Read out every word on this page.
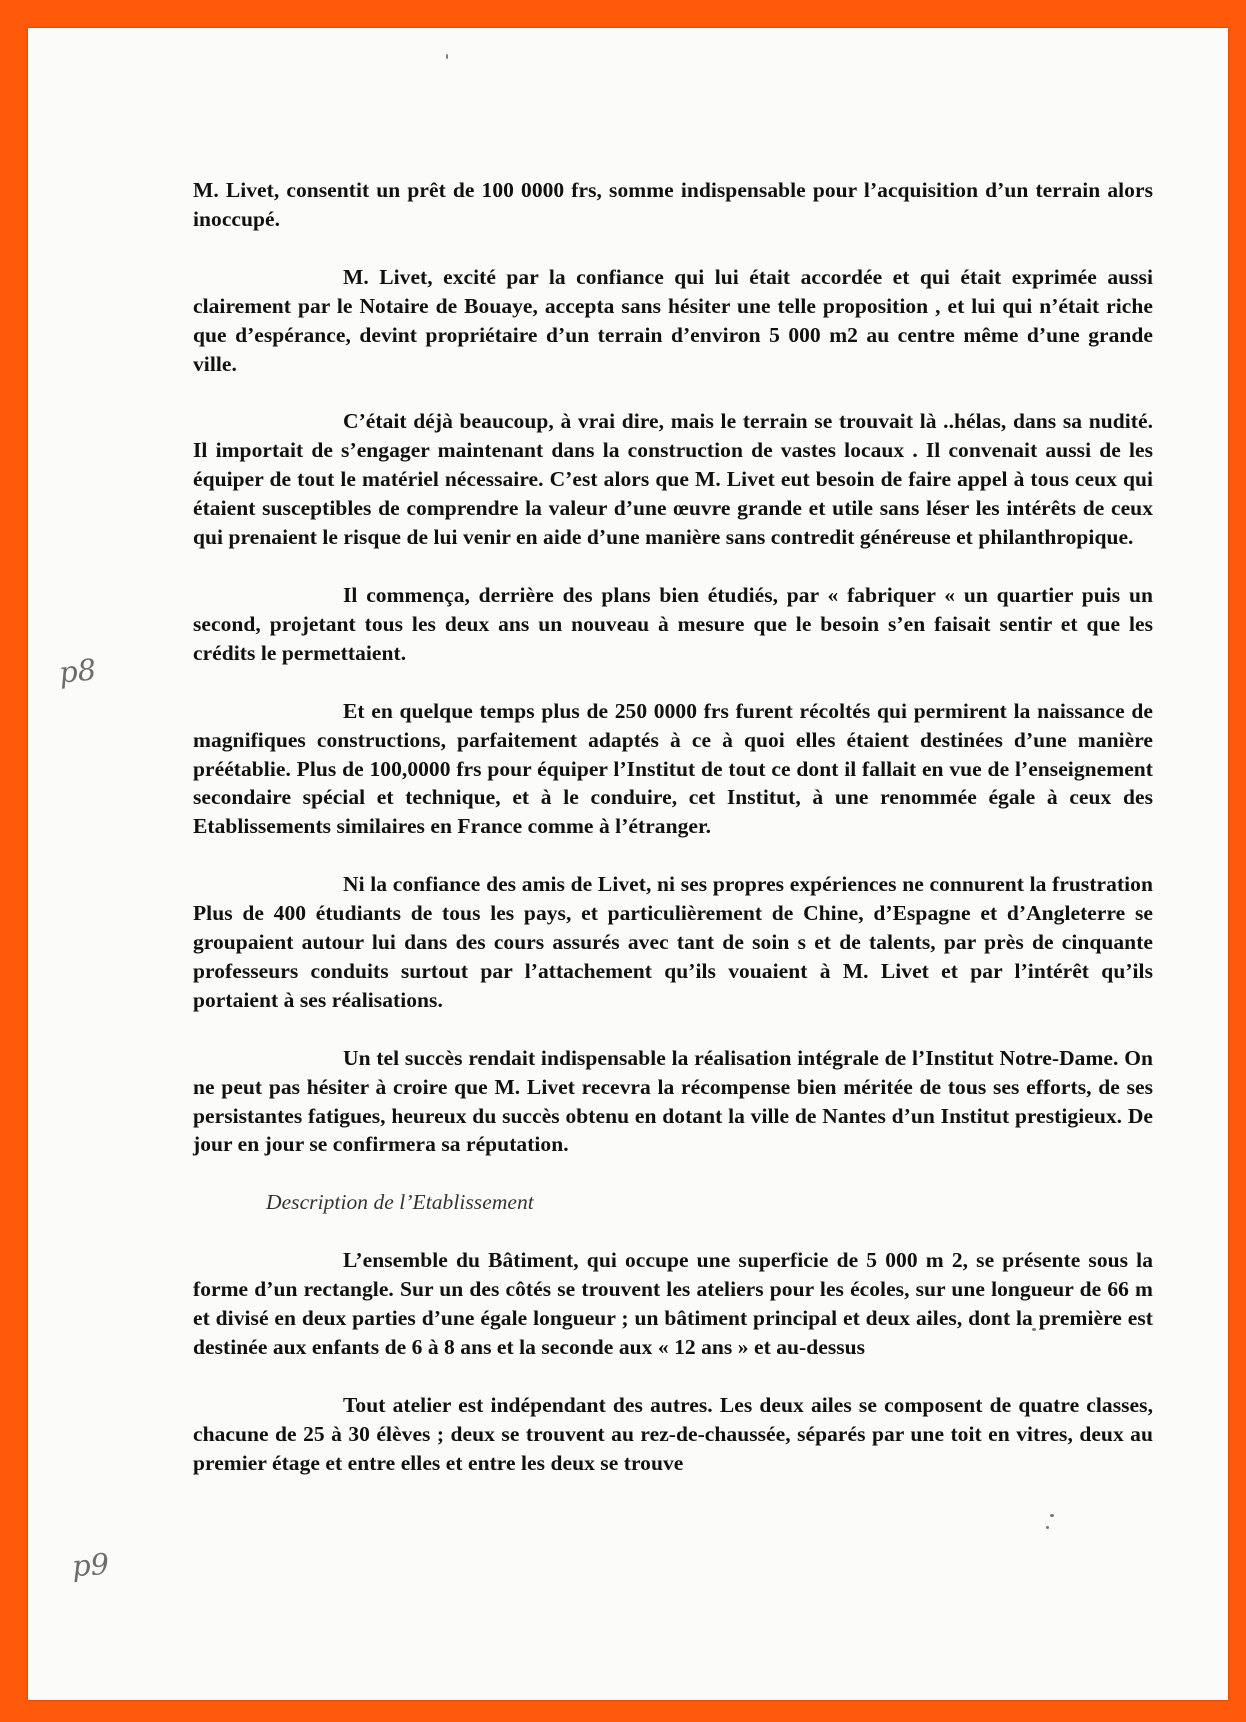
p8
p9

M. Livet, consentit un prêt de 100 0000 frs, somme indispensable pour l’acquisition d’un terrain alors inoccupé.

M. Livet, excité par la confiance qui lui était accordée et qui était exprimée aussi clairement par le Notaire de Bouaye, accepta sans hésiter une telle proposition , et lui qui n’était riche que d’espérance, devint propriétaire d’un terrain d’environ 5 000 m2 au centre même d’une grande ville.

C’était déjà beaucoup, à vrai dire, mais le terrain se trouvait là ..hélas, dans sa nudité. Il importait de s’engager maintenant dans la construction de vastes locaux . Il convenait aussi de les équiper de tout le matériel nécessaire. C’est alors que M. Livet eut besoin de faire appel à tous ceux qui étaient susceptibles de comprendre la valeur d’une œuvre grande et utile sans léser les intérêts de ceux qui prenaient le risque de lui venir en aide d’une manière sans contredit généreuse et philanthropique.

Il commença, derrière des plans bien étudiés, par « fabriquer « un quartier puis un second, projetant tous les deux ans un nouveau à mesure que le besoin s’en faisait sentir et que les crédits le permettaient.

Et en quelque temps plus de 250 0000 frs furent récoltés qui permirent la naissance de magnifiques constructions, parfaitement adaptés à ce à quoi elles étaient destinées d’une manière préétablie. Plus de 100,0000 frs pour équiper l’Institut de tout ce dont il fallait en vue de l’enseignement secondaire spécial et technique, et à le conduire, cet Institut, à une renommée égale à ceux des Etablissements similaires en France comme à l’étranger.

Ni la confiance des amis de Livet, ni ses propres expériences ne connurent la frustration Plus de 400 étudiants de tous les pays, et particulièrement de Chine, d’Espagne et d’Angleterre se groupaient autour lui dans des cours assurés avec tant de soin s et de talents, par près de cinquante professeurs conduits surtout par l’attachement qu’ils vouaient à M. Livet et par l’intérêt qu’ils portaient à ses réalisations.

Un tel succès rendait indispensable la réalisation intégrale de l’Institut Notre-Dame. On ne peut pas hésiter à croire que M. Livet recevra la récompense bien méritée de tous ses efforts, de ses persistantes fatigues, heureux du succès obtenu en dotant la ville de Nantes d’un Institut prestigieux. De jour en jour se confirmera sa réputation.

Description de l’Etablissement

L’ensemble du Bâtiment, qui occupe une superficie de 5 000 m 2, se présente sous la forme d’un rectangle. Sur un des côtés se trouvent les ateliers pour les écoles, sur une longueur de 66 m et divisé en deux parties d’une égale longueur ; un bâtiment principal et deux ailes, dont la première est destinée aux enfants de 6 à 8 ans et la seconde aux « 12 ans » et au-dessus

Tout atelier est indépendant des autres. Les deux ailes se composent de quatre classes, chacune de 25 à 30 élèves ; deux se trouvent au rez-de-chaussée, séparés par une toit en vitres, deux au premier étage et entre elles et entre les deux se trouve
